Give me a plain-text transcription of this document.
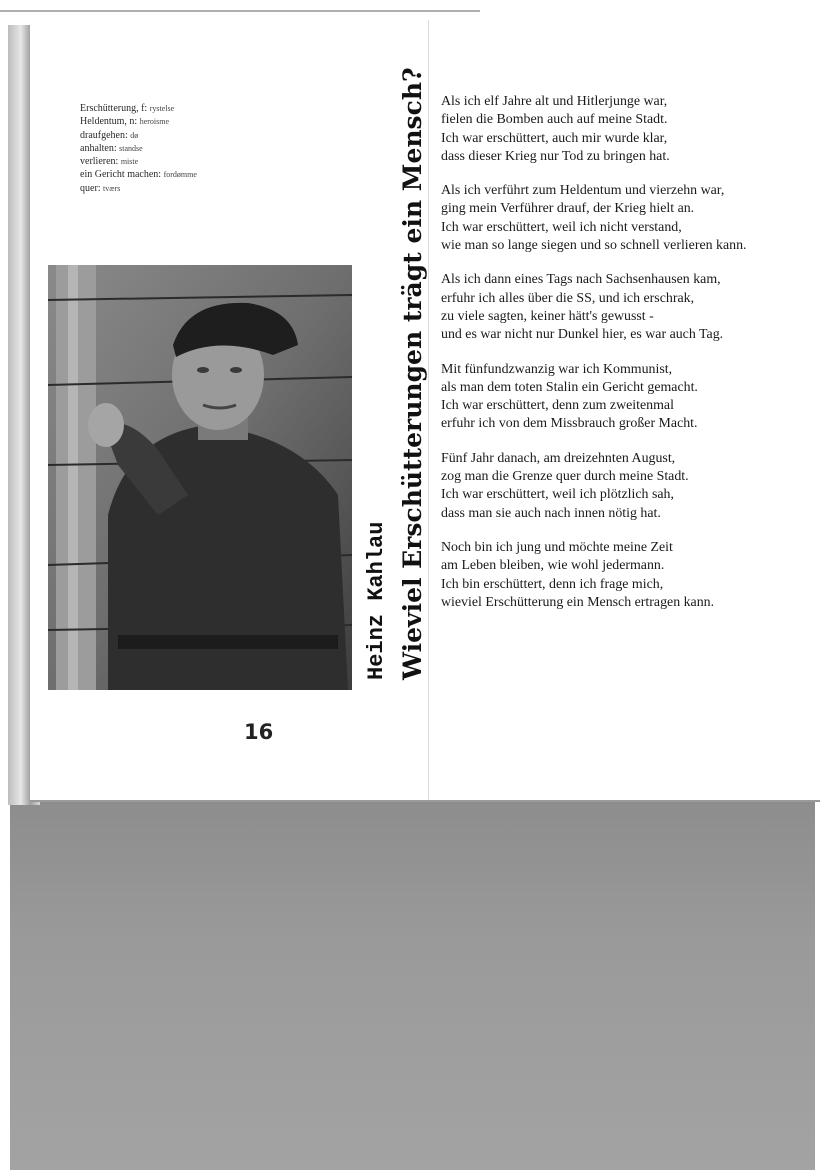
Erschütterung, f: rystelse
Heldentum, n: heroisme
draufgehen: dø
anhalten: standse
verlieren: miste
ein Gericht machen: fordømme
quer: tværs	Wieviel Erschütterungen trägt ein Mensch?
Heinz Kahlau
16
Als ich elf Jahre alt und Hitlerjunge war,
fielen die Bomben auch auf meine Stadt.
Ich war erschüttert, auch mir wurde klar,
dass dieser Krieg nur Tod zu bringen hat.
Als ich verführt zum Heldentum und vierzehn war,
ging mein Verführer drauf, der Krieg hielt an.
Ich war erschüttert, weil ich nicht verstand,
wie man so lange siegen und so schnell verlieren kann.
Als ich dann eines Tags nach Sachsenhausen kam,
erfuhr ich alles über die SS, und ich erschrak,
zu viele sagten, keiner hätt's gewusst -
und es war nicht nur Dunkel hier, es war auch Tag.
Mit fünfundzwanzig war ich Kommunist,
als man dem toten Stalin ein Gericht gemacht.
Ich war erschüttert, denn zum zweitenmal
erfuhr ich von dem Missbrauch großer Macht.
Fünf Jahr danach, am dreizehnten August,
zog man die Grenze quer durch meine Stadt.
Ich war erschüttert, weil ich plötzlich sah,
dass man sie auch nach innen nötig hat.
Noch bin ich jung und möchte meine Zeit
am Leben bleiben, wie wohl jedermann.
Ich bin erschüttert, denn ich frage mich,
wieviel Erschütterung ein Mensch ertragen kann.
